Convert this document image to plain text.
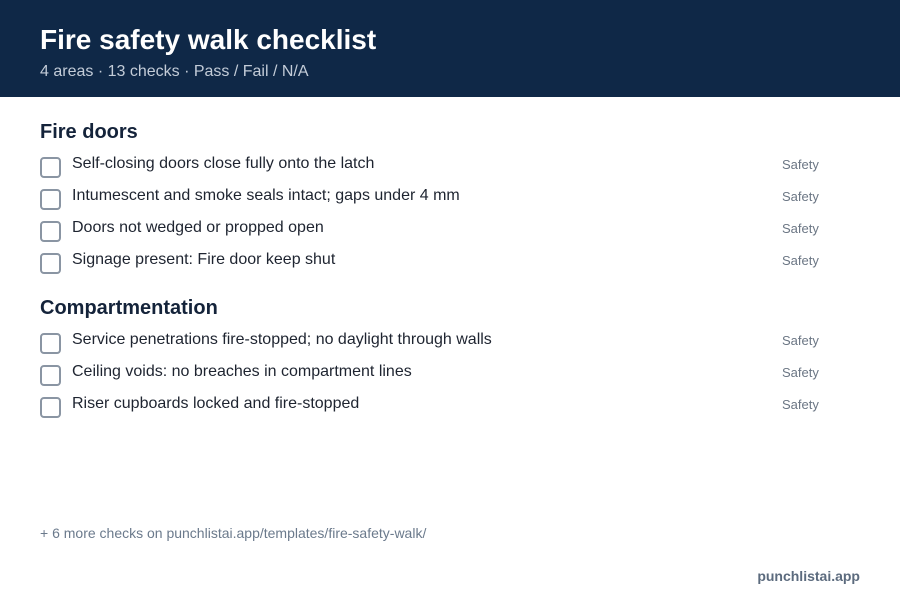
Fire safety walk checklist
4 areas · 13 checks · Pass / Fail / N/A
Fire doors
Self-closing doors close fully onto the latch	Safety
Intumescent and smoke seals intact; gaps under 4 mm	Safety
Doors not wedged or propped open	Safety
Signage present: Fire door keep shut	Safety
Compartmentation
Service penetrations fire-stopped; no daylight through walls	Safety
Ceiling voids: no breaches in compartment lines	Safety
Riser cupboards locked and fire-stopped	Safety
+ 6 more checks on punchlistai.app/templates/fire-safety-walk/
punchlistai.app
